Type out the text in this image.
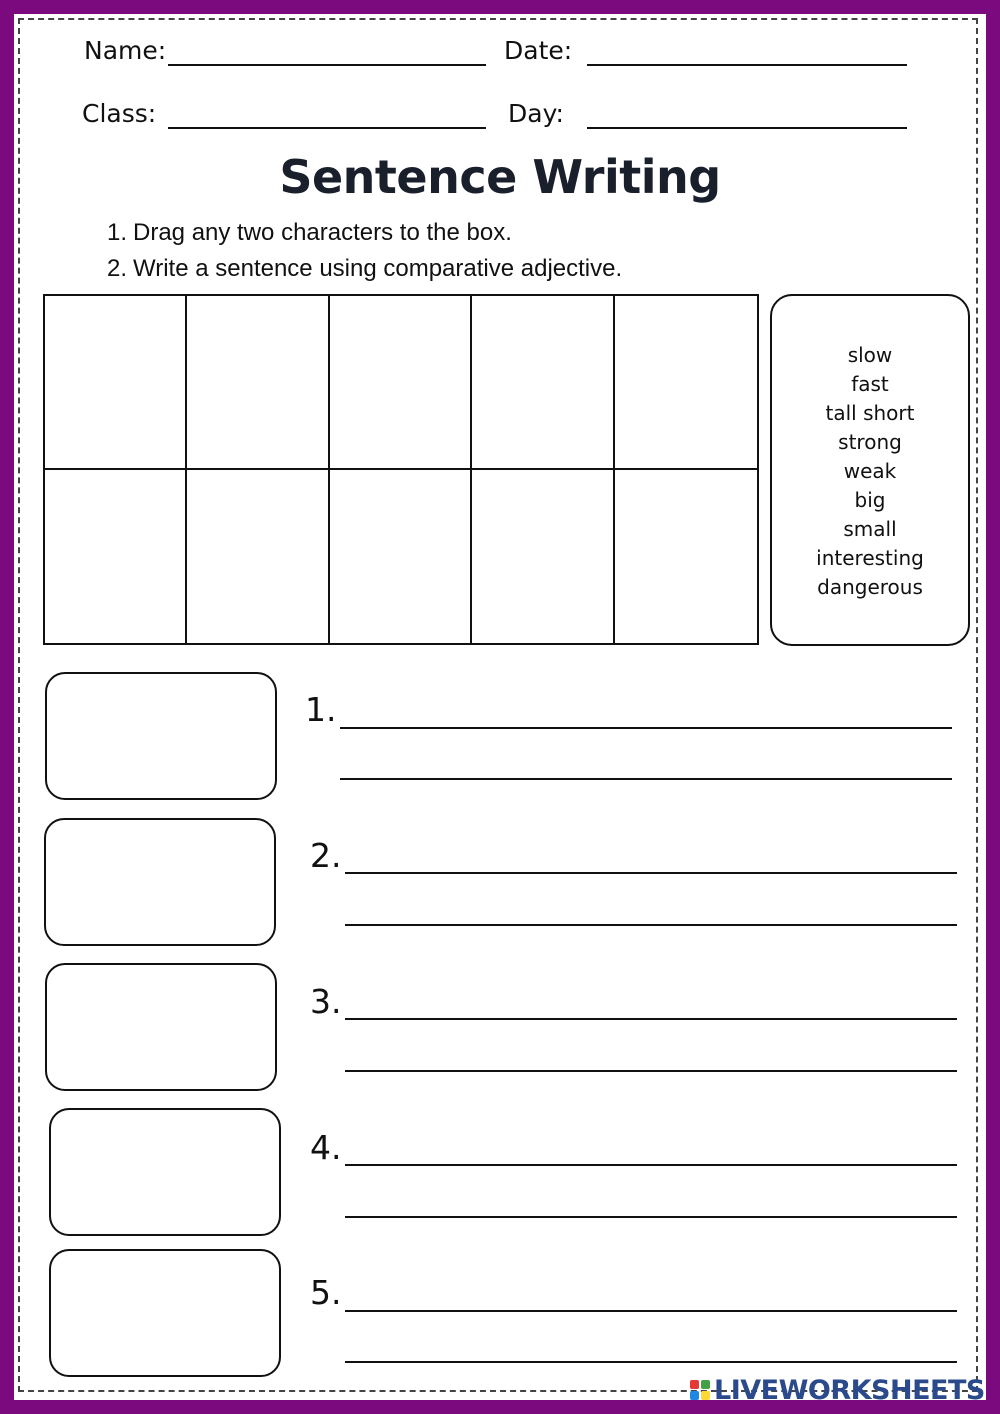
Name:	Date:
Class:	Day:
Sentence Writing
1. Drag any two characters to the box.
2. Write a sentence using comparative adjective.
slow
fast
tall short
strong
weak
big
small
interesting
dangerous
1.
2.
3.
4.
5.
LIVEWORKSHEETS
